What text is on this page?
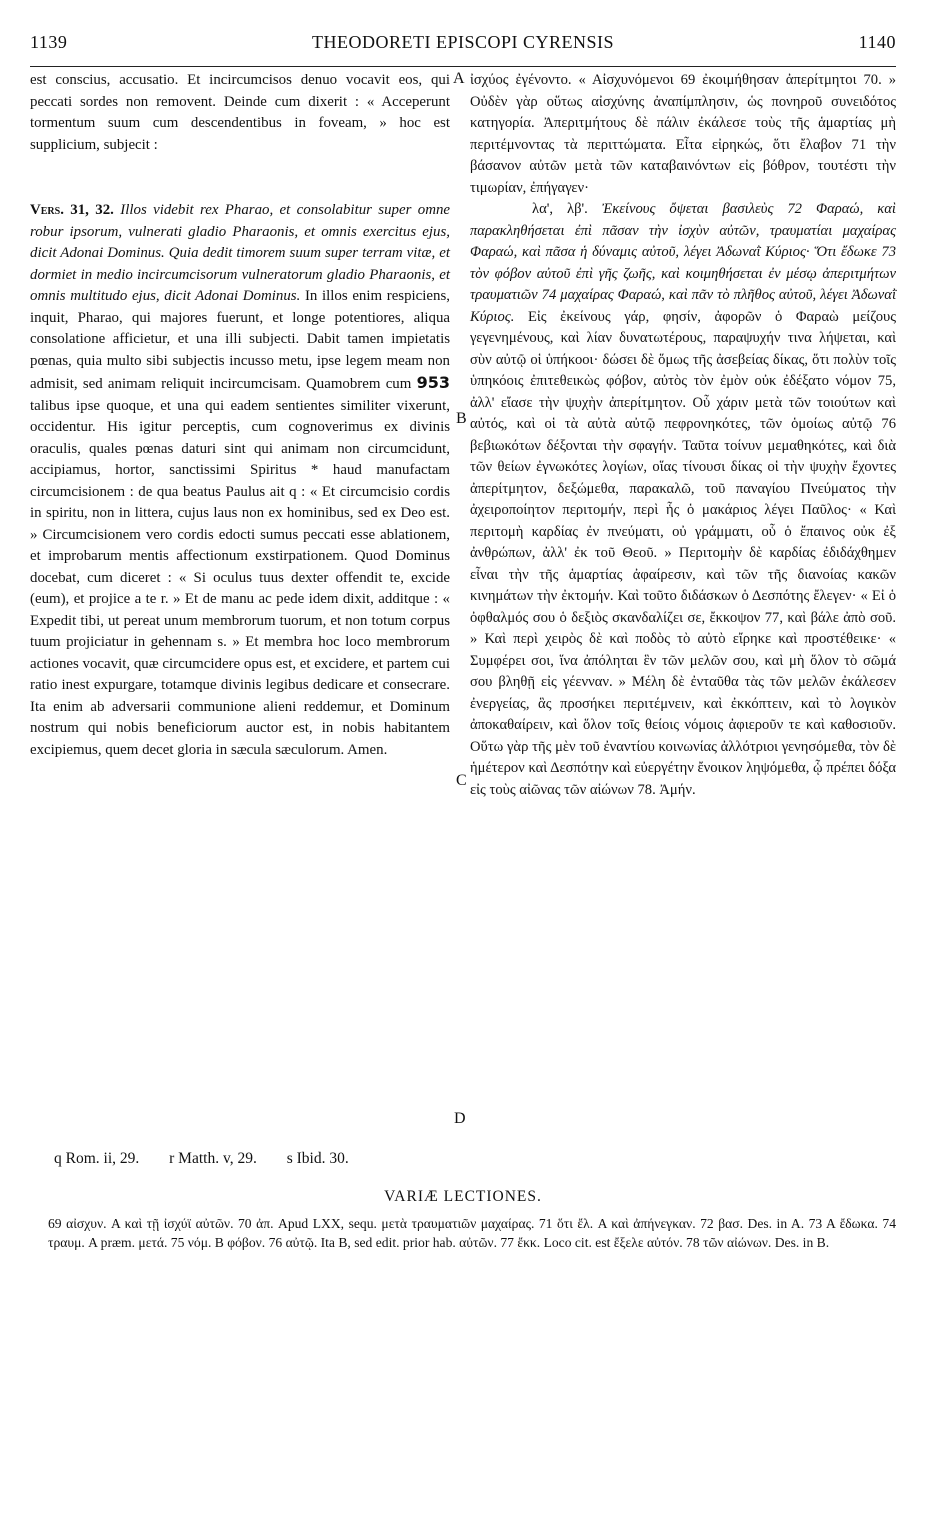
1139	THEODORETI EPISCOPI CYRENSIS	1140

est conscius, accusatio. Et incircumcisos denuo vocavit eos, qui peccati sordes non removent. Deinde cum dixerit : « Acceperunt tormentum suum cum descendentibus in foveam, » hoc est supplicium, subjecit :

Vers. 31, 32. Illos videbit rex Pharao, et consolabitur super omne robur ipsorum, vulnerati gladio Pharaonis, et omnis exercitus ejus, dicit Adonai Dominus. Quia dedit timorem suum super terram vitæ, et dormiet in medio incircumcisorum vulneratorum gladio Pharaonis, et omnis multitudo ejus, dicit Adonai Dominus. In illos enim respiciens, inquit, Pharao, qui majores fuerunt, et longe potentiores, aliqua consolatione afficietur, et una illi subjecti. Dabit tamen impietatis pœnas, quia multo sibi subjectis incusso metu, ipse legem meam non admisit, sed animam reliquit incircumcisam. Quamobrem cum 953 talibus ipse quoque, et una qui eadem sentientes similiter vixerunt, occidentur. His igitur perceptis, cum cognoverimus ex divinis oraculis, quales pœnas daturi sint qui animam non circumcidunt, accipiamus, hortor, sanctissimi Spiritus * haud manufactam circumcisionem : de qua beatus Paulus ait q : « Et circumcisio cordis in spiritu, non in littera, cujus laus non ex hominibus, sed ex Deo est. » Circumcisionem vero cordis edocti sumus peccati esse ablationem, et improbarum mentis affectionum exstirpationem. Quod Dominus docebat, cum diceret : « Si oculus tuus dexter offendit te, excide (eum), et projice a te r. » Et de manu ac pede idem dixit, additque : « Expedit tibi, ut pereat unum membrorum tuorum, et non totum corpus tuum projiciatur in gehennam s. » Et membra hoc loco membrorum actiones vocavit, quæ circumcidere opus est, et excidere, et partem cui ratio inest expurgare, totamque divinis legibus dedicare et consecrare. Ita enim ab adversarii communione alieni reddemur, et Dominum nostrum qui nobis beneficiorum auctor est, in nobis habitantem excipiemus, quem decet gloria in sæcula sæculorum. Amen.

A
B
C
D

ἰσχύος ἐγένοντο. « Αἰσχυνόμενοι 69 ἐκοιμήθησαν ἀπερίτμητοι 70. » Οὐδὲν γὰρ οὕτως αἰσχύνης ἀναπίμπλησιν, ὡς πονηροῦ συνειδότος κατηγορία. Ἀπεριτμήτους δὲ πάλιν ἐκάλεσε τοὺς τῆς ἁμαρτίας μὴ περιτέμνοντας τὰ περιττώματα. Εἶτα εἰρηκώς, ὅτι ἔλαβον 71 τὴν βάσανον αὐτῶν μετὰ τῶν καταβαινόντων εἰς βόθρον, τουτέστι τὴν τιμωρίαν, ἐπήγαγεν·

λα', λβ'. Ἐκείνους ὄψεται βασιλεὺς 72 Φαραώ, καὶ παρακληθήσεται ἐπὶ πᾶσαν τὴν ἰσχὺν αὐτῶν, τραυματίαι μαχαίρας Φαραώ, καὶ πᾶσα ἡ δύναμις αὐτοῦ, λέγει Ἀδωναῒ Κύριος· Ὅτι ἔδωκε 73 τὸν φόβον αὐτοῦ ἐπὶ γῆς ζωῆς, καὶ κοιμηθήσεται ἐν μέσῳ ἀπεριτμήτων τραυματιῶν 74 μαχαίρας Φαραώ, καὶ πᾶν τὸ πλῆθος αὐτοῦ, λέγει Ἀδωναῒ Κύριος. Εἰς ἐκείνους γάρ, φησίν, ἀφορῶν ὁ Φαραὼ μείζους γεγενημένους, καὶ λίαν δυνατωτέρους, παραψυχήν τινα λήψεται, καὶ σὺν αὐτῷ οἱ ὑπήκοοι· δώσει δὲ ὅμως τῆς ἀσεβείας δίκας, ὅτι πολὺν τοῖς ὑπηκόοις ἐπιτεθεικὼς φόβον, αὐτὸς τὸν ἐμὸν οὐκ ἐδέξατο νόμον 75, ἀλλ' εἴασε τὴν ψυχὴν ἀπερίτμητον. Οὗ χάριν μετὰ τῶν τοιούτων καὶ αὐτός, καὶ οἱ τὰ αὐτὰ αὐτῷ πεφρονηκότες, τῶν ὁμοίως αὐτῷ 76 βεβιωκότων δέξονται τὴν σφαγήν. Ταῦτα τοίνυν μεμαθηκότες, καὶ διὰ τῶν θείων ἐγνωκότες λογίων, οἵας τίνουσι δίκας οἱ τὴν ψυχὴν ἔχοντες ἀπερίτμητον, δεξώμεθα, παρακαλῶ, τοῦ παναγίου Πνεύματος τὴν ἀχειροποίητον περιτομήν, περὶ ἧς ὁ μακάριος λέγει Παῦλος· « Καὶ περιτομὴ καρδίας ἐν πνεύματι, οὐ γράμματι, οὗ ὁ ἔπαινος οὐκ ἐξ ἀνθρώπων, ἀλλ' ἐκ τοῦ Θεοῦ. » Περιτομὴν δὲ καρδίας ἐδιδάχθημεν εἶναι τὴν τῆς ἁμαρτίας ἀφαίρεσιν, καὶ τῶν τῆς διανοίας κακῶν κινημάτων τὴν ἐκτομήν. Καὶ τοῦτο διδάσκων ὁ Δεσπότης ἔλεγεν· « Εἰ ὁ ὀφθαλμός σου ὁ δεξιὸς σκανδαλίζει σε, ἔκκοψον 77, καὶ βάλε ἀπὸ σοῦ. » Καὶ περὶ χειρὸς δὲ καὶ ποδὸς τὸ αὐτὸ εἴρηκε καὶ προστέθεικε· « Συμφέρει σοι, ἵνα ἀπόληται ἓν τῶν μελῶν σου, καὶ μὴ ὅλον τὸ σῶμά σου βληθῇ εἰς γέενναν. » Μέλη δὲ ἐνταῦθα τὰς τῶν μελῶν ἐκάλεσεν ἐνεργείας, ἃς προσήκει περιτέμνειν, καὶ ἐκκόπτειν, καὶ τὸ λογικὸν ἀποκαθαίρειν, καὶ ὅλον τοῖς θείοις νόμοις ἀφιεροῦν τε καὶ καθοσιοῦν. Οὕτω γὰρ τῆς μὲν τοῦ ἐναντίου κοινωνίας ἀλλότριοι γενησόμεθα, τὸν δὲ ἡμέτερον καὶ Δεσπότην καὶ εὐεργέτην ἔνοικον ληψόμεθα, ᾧ πρέπει δόξα εἰς τοὺς αἰῶνας τῶν αἰώνων 78. Ἀμήν.

q Rom. ii, 29. r Matth. v, 29. s Ibid. 30.
VARIÆ LECTIONES.
69 αἰσχυν. A καὶ τῇ ἰσχύϊ αὐτῶν. 70 ἀπ. Apud LXX, sequ. μετὰ τραυματιῶν μαχαίρας. 71 ὅτι ἔλ. A καὶ ἀπήνεγκαν. 72 βασ. Des. in A. 73 A ἔδωκα. 74 τραυμ. A præm. μετά. 75 νόμ. B φόβον. 76 αὐτῷ. Ita B, sed edit. prior hab. αὐτῶν. 77 ἔκκ. Loco cit. est ἔξελε αὐτόν. 78 τῶν αἰώνων. Des. in B.
